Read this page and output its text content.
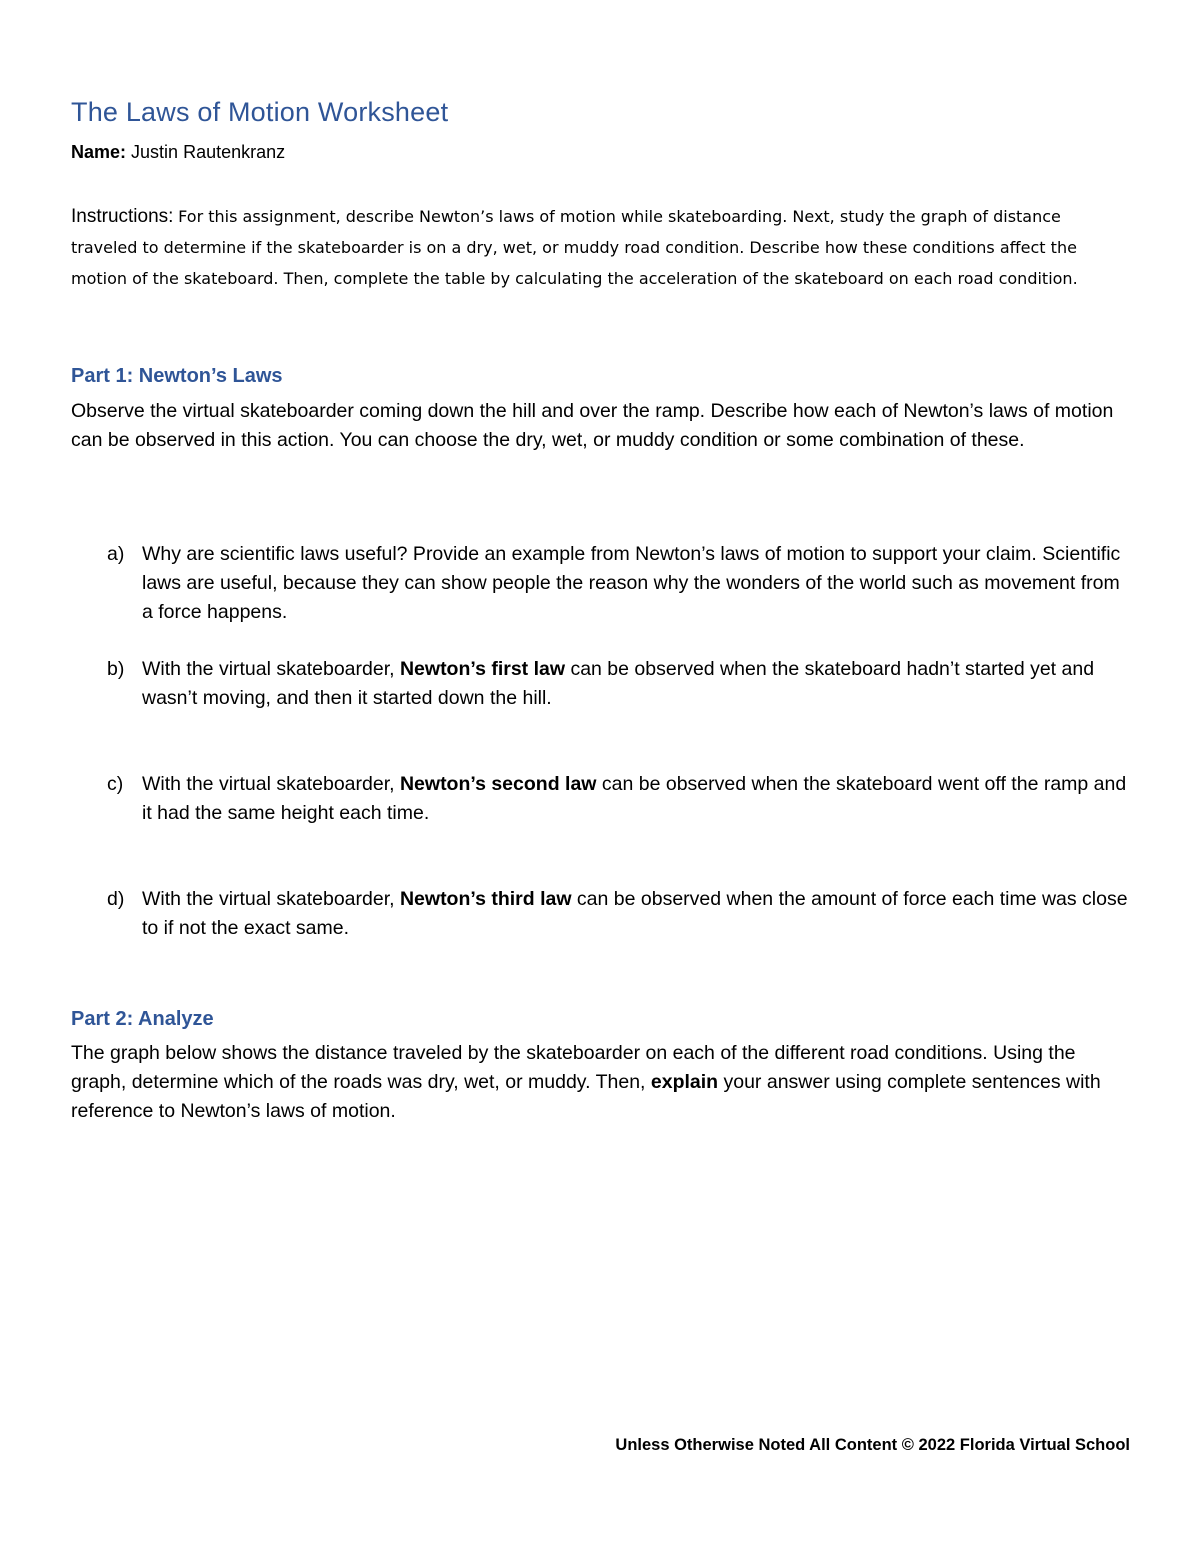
The Laws of Motion Worksheet

Name: Justin Rautenkranz

Instructions: For this assignment, describe Newton’s laws of motion while skateboarding. Next, study the graph of distance traveled to determine if the skateboarder is on a dry, wet, or muddy road condition. Describe how these conditions affect the motion of the skateboard. Then, complete the table by calculating the acceleration of the skateboard on each road condition.

Part 1: Newton’s Laws

Observe the virtual skateboarder coming down the hill and over the ramp. Describe how each of Newton’s laws of motion can be observed in this action. You can choose the dry, wet, or muddy condition or some combination of these.

a) Why are scientific laws useful? Provide an example from Newton’s laws of motion to support your claim. Scientific laws are useful, because they can show people the reason why the wonders of the world such as movement from a force happens.
b) With the virtual skateboarder, Newton’s first law can be observed when the skateboard hadn’t started yet and wasn’t moving, and then it started down the hill.
c) With the virtual skateboarder, Newton’s second law can be observed when the skateboard went off the ramp and it had the same height each time.
d) With the virtual skateboarder, Newton’s third law can be observed when the amount of force each time was close to if not the exact same.
Part 2: Analyze

The graph below shows the distance traveled by the skateboarder on each of the different road conditions. Using the graph, determine which of the roads was dry, wet, or muddy. Then, explain your answer using complete sentences with reference to Newton’s laws of motion.

Unless Otherwise Noted All Content © 2022 Florida Virtual School
